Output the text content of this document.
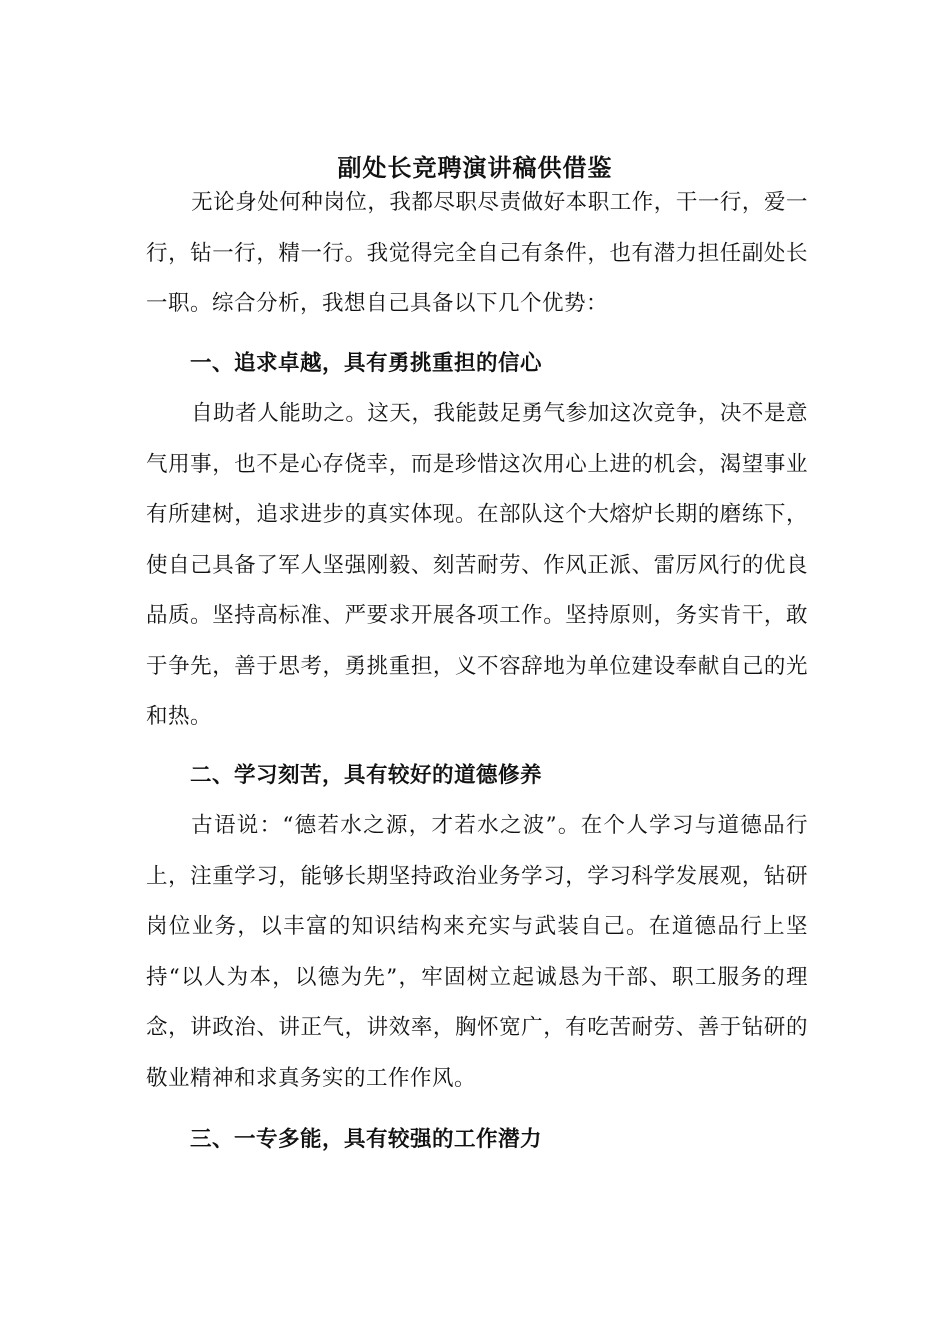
副处长竞聘演讲稿供借鉴

无论身处何种岗位，我都尽职尽责做好本职工作，干一行，爱一行，钻一行，精一行。我觉得完全自己有条件，也有潜力担任副处长一职。综合分析，我想自己具备以下几个优势：

一、追求卓越，具有勇挑重担的信心

自助者人能助之。这天，我能鼓足勇气参加这次竞争，决不是意气用事，也不是心存侥幸，而是珍惜这次用心上进的机会，渴望事业有所建树，追求进步的真实体现。在部队这个大熔炉长期的磨练下，使自己具备了军人坚强刚毅、刻苦耐劳、作风正派、雷厉风行的优良品质。坚持高标准、严要求开展各项工作。坚持原则，务实肯干，敢于争先，善于思考，勇挑重担，义不容辞地为单位建设奉献自己的光和热。

二、学习刻苦，具有较好的道德修养

古语说：“德若水之源，才若水之波”。在个人学习与道德品行上，注重学习，能够长期坚持政治业务学习，学习科学发展观，钻研岗位业务，以丰富的知识结构来充实与武装自己。在道德品行上坚持“以人为本，以德为先”，牢固树立起诚恳为干部、职工服务的理念，讲政治、讲正气，讲效率，胸怀宽广，有吃苦耐劳、善于钻研的敬业精神和求真务实的工作作风。

三、一专多能，具有较强的工作潜力
